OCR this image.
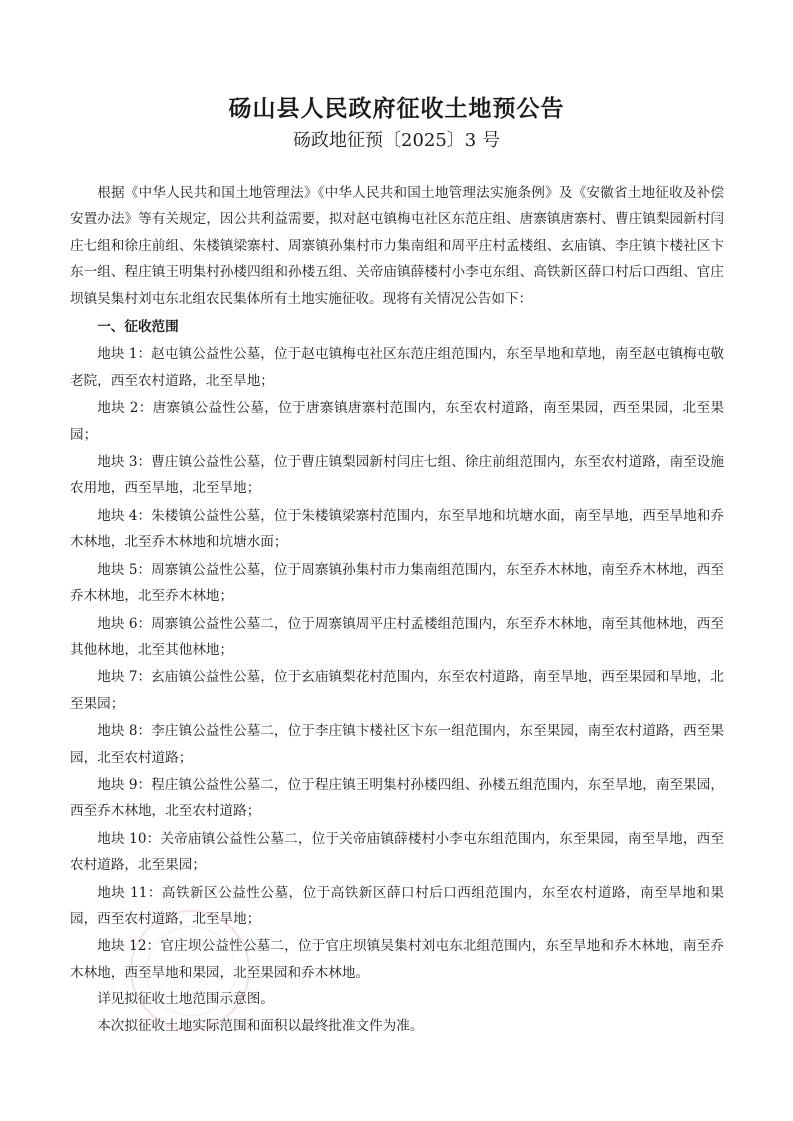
砀山县人民政府征收土地预公告
砀政地征预〔2025〕3 号

根据《中华人民共和国土地管理法》《中华人民共和国土地管理法实施条例》及《安徽省土地征收及补偿安置办法》等有关规定，因公共利益需要，拟对赵屯镇梅屯社区东范庄组、唐寨镇唐寨村、曹庄镇梨园新村闫庄七组和徐庄前组、朱楼镇梁寨村、周寨镇孙集村市力集南组和周平庄村孟楼组、玄庙镇、李庄镇卞楼社区卞东一组、程庄镇王明集村孙楼四组和孙楼五组、关帝庙镇薛楼村小李屯东组、高铁新区薛口村后口西组、官庄坝镇吴集村刘屯东北组农民集体所有土地实施征收。现将有关情况公告如下：

一、征收范围

地块 1：赵屯镇公益性公墓，位于赵屯镇梅屯社区东范庄组范围内，东至旱地和草地，南至赵屯镇梅屯敬老院，西至农村道路，北至旱地；

地块 2：唐寨镇公益性公墓，位于唐寨镇唐寨村范围内，东至农村道路，南至果园，西至果园，北至果园；

地块 3：曹庄镇公益性公墓，位于曹庄镇梨园新村闫庄七组、徐庄前组范围内，东至农村道路，南至设施农用地，西至旱地，北至旱地；

地块 4：朱楼镇公益性公墓，位于朱楼镇梁寨村范围内，东至旱地和坑塘水面，南至旱地，西至旱地和乔木林地，北至乔木林地和坑塘水面；

地块 5：周寨镇公益性公墓，位于周寨镇孙集村市力集南组范围内，东至乔木林地，南至乔木林地，西至乔木林地，北至乔木林地；

地块 6：周寨镇公益性公墓二，位于周寨镇周平庄村孟楼组范围内，东至乔木林地，南至其他林地，西至其他林地，北至其他林地；

地块 7：玄庙镇公益性公墓，位于玄庙镇梨花村范围内，东至农村道路，南至旱地，西至果园和旱地，北至果园；

地块 8：李庄镇公益性公墓二，位于李庄镇卞楼社区卞东一组范围内，东至果园，南至农村道路，西至果园，北至农村道路；

地块 9：程庄镇公益性公墓二，位于程庄镇王明集村孙楼四组、孙楼五组范围内，东至旱地，南至果园，西至乔木林地，北至农村道路；

地块 10：关帝庙镇公益性公墓二，位于关帝庙镇薛楼村小李屯东组范围内，东至果园，南至旱地，西至农村道路，北至果园；

地块 11：高铁新区公益性公墓，位于高铁新区薛口村后口西组范围内，东至农村道路，南至旱地和果园，西至农村道路，北至旱地；

地块 12：官庄坝公益性公墓二，位于官庄坝镇吴集村刘屯东北组范围内，东至旱地和乔木林地，南至乔木林地，西至旱地和果园，北至果园和乔木林地。

详见拟征收土地范围示意图。

本次拟征收土地实际范围和面积以最终批准文件为准。
